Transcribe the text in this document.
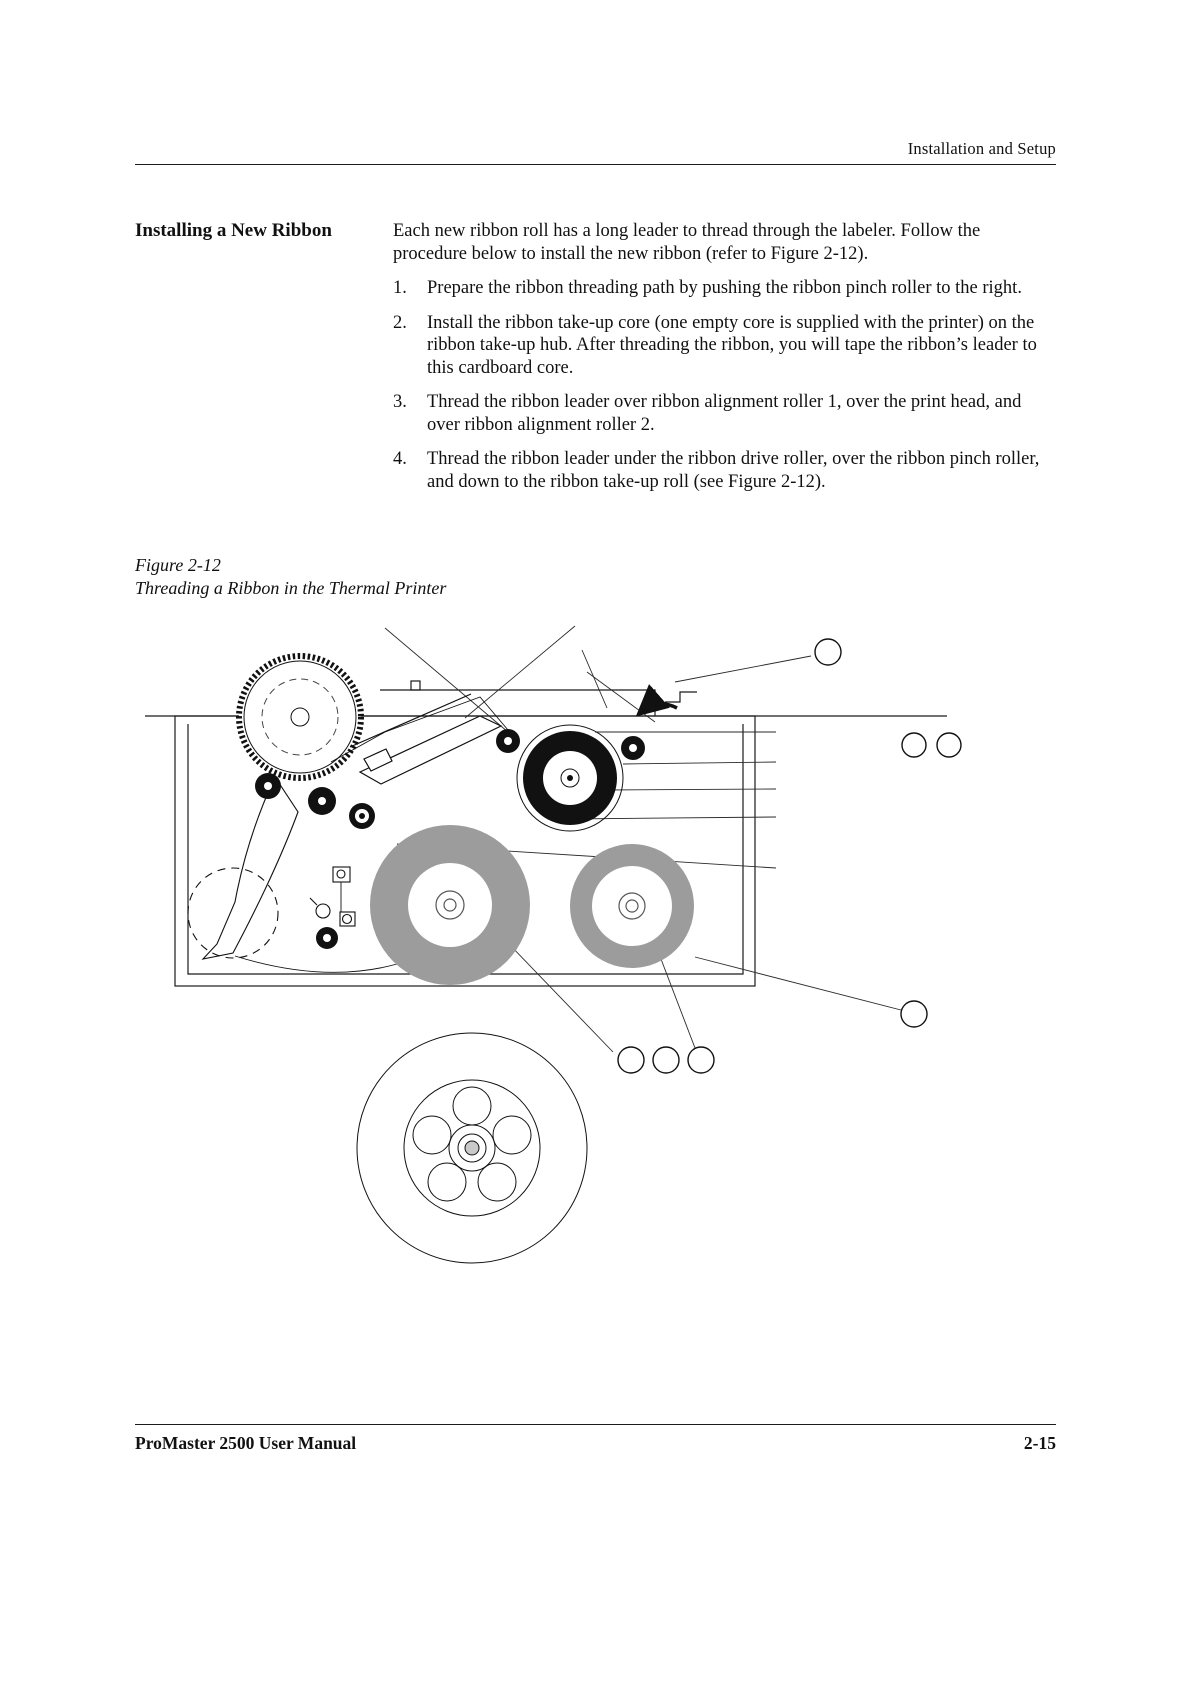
Installation and Setup
Installing a New Ribbon	Each new ribbon roll has a long leader to thread through the labeler. Follow the procedure below to install the new ribbon (refer to Figure 2-12).

1.	Prepare the ribbon threading path by pushing the ribbon pinch roller to the right.
2.	Install the ribbon take-up core (one empty core is supplied with the printer) on the ribbon take-up hub. After threading the ribbon, you will tape the ribbon’s leader to this cardboard core.
3.	Thread the ribbon leader over ribbon alignment roller 1, over the print head, and over ribbon alignment roller 2.
4.	Thread the ribbon leader under the ribbon drive roller, over the ribbon pinch roller, and down to the ribbon take-up roll (see Figure 2-12).
Figure 2-12
Threading a Ribbon in the Thermal Printer
ProMaster 2500 User Manual	2-15
